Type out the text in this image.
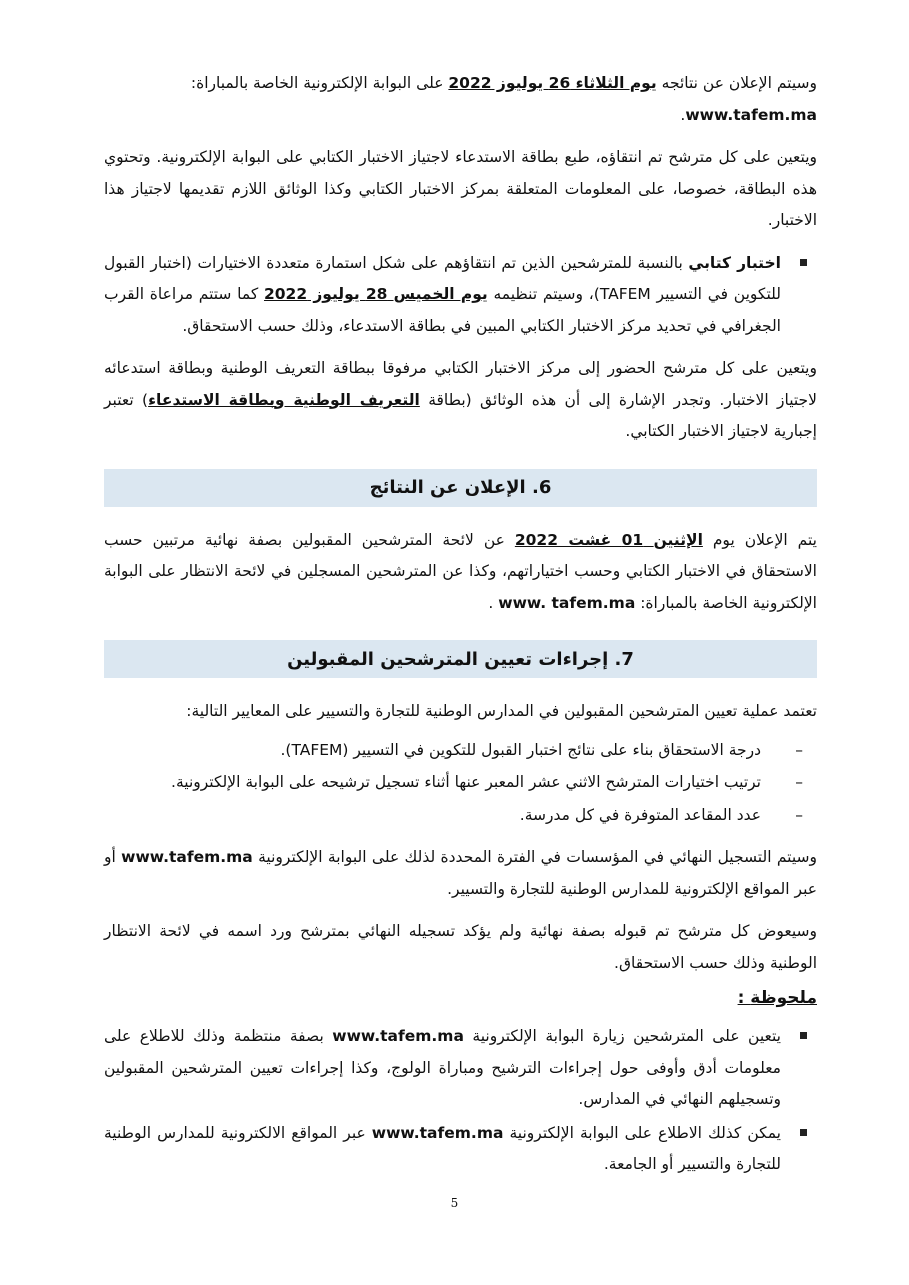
وسيتم الإعلان عن نتائجه يوم الثلاثاء 26 يوليوز 2022 على البوابة الإلكترونية الخاصة بالمباراة:
www.tafem.ma.

ويتعين على كل مترشح تم انتقاؤه، طبع بطاقة الاستدعاء لاجتياز الاختبار الكتابي على البوابة الإلكترونية. وتحتوي هذه البطاقة، خصوصا، على المعلومات المتعلقة بمركز الاختبار الكتابي وكذا الوثائق اللازم تقديمها لاجتياز هذا الاختبار.

اختبار كتابي بالنسبة للمترشحين الذين تم انتقاؤهم على شكل استمارة متعددة الاختيارات (اختبار القبول للتكوين في التسيير TAFEM)، وسيتم تنظيمه يوم الخميس 28 يوليوز 2022 كما ستتم مراعاة القرب الجغرافي في تحديد مركز الاختبار الكتابي المبين في بطاقة الاستدعاء، وذلك حسب الاستحقاق.

ويتعين على كل مترشح الحضور إلى مركز الاختبار الكتابي مرفوقا ببطاقة التعريف الوطنية وبطاقة استدعائه لاجتياز الاختبار. وتجدر الإشارة إلى أن هذه الوثائق (بطاقة التعريف الوطنية وبطاقة الاستدعاء) تعتبر إجبارية لاجتياز الاختبار الكتابي.

6. الإعلان عن النتائج

يتم الإعلان يوم الإثنين 01 غشت 2022 عن لائحة المترشحين المقبولين بصفة نهائية مرتبين حسب الاستحقاق في الاختبار الكتابي وحسب اختياراتهم، وكذا عن المترشحين المسجلين في لائحة الانتظار على البوابة الإلكترونية الخاصة بالمباراة: www. tafem.ma .

7. إجراءات تعيين المترشحين المقبولين

تعتمد عملية تعيين المترشحين المقبولين في المدارس الوطنية للتجارة والتسيير على المعايير التالية:

–
درجة الاستحقاق بناء على نتائج اختبار القبول للتكوين في التسيير (TAFEM).
–
ترتيب اختيارات المترشح الاثني عشر المعبر عنها أثناء تسجيل ترشيحه على البوابة الإلكترونية.
–
عدد المقاعد المتوفرة في كل مدرسة.

وسيتم التسجيل النهائي في المؤسسات في الفترة المحددة لذلك على البوابة الإلكترونية www.tafem.ma أو عبر المواقع الإلكترونية للمدارس الوطنية للتجارة والتسيير.

وسيعوض كل مترشح تم قبوله بصفة نهائية ولم يؤكد تسجيله النهائي بمترشح ورد اسمه في لائحة الانتظار الوطنية وذلك حسب الاستحقاق.

ملحوظة :

يتعين على المترشحين زيارة البوابة الإلكترونية www.tafem.ma بصفة منتظمة وذلك للاطلاع على معلومات أدق وأوفى حول إجراءات الترشيح ومباراة الولوج، وكذا إجراءات تعيين المترشحين المقبولين وتسجيلهم النهائي في المدارس.

يمكن كذلك الاطلاع على البوابة الإلكترونية www.tafem.ma عبر المواقع الالكترونية للمدارس الوطنية للتجارة والتسيير أو الجامعة.

5
